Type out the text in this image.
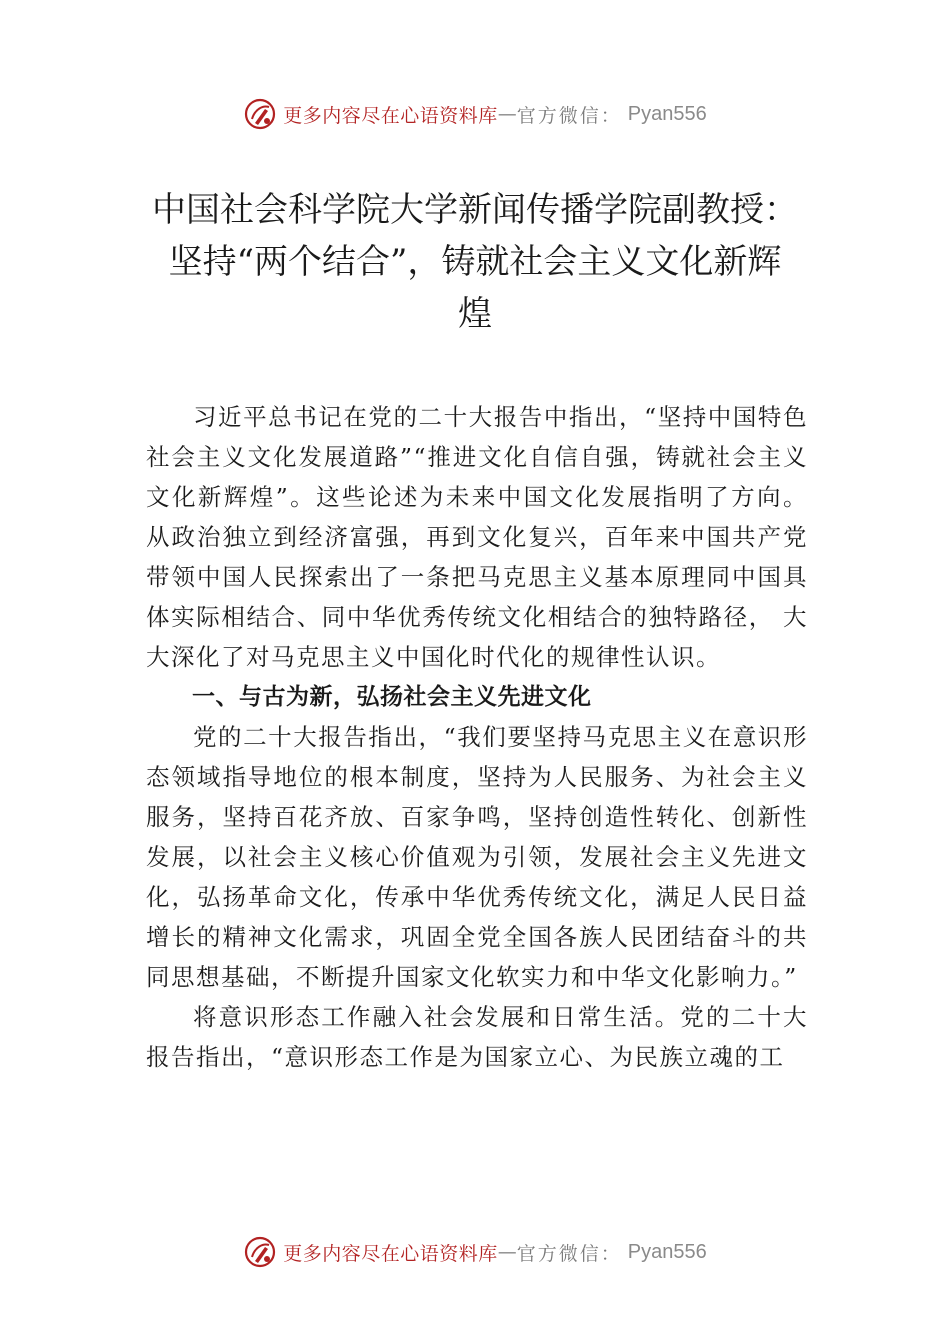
更多内容尽在心语资料库 — 官方微信： Pyan556
中国社会科学院大学新闻传播学院副教授：
坚持“两个结合”，铸就社会主义文化新辉
煌

习近平总书记在党的二十大报告中指出，“坚持中国特色社会主义文化发展道路”“推进文化自信自强，铸就社会主义文化新辉煌”。这些论述为未来中国文化发展指明了方向。从政治独立到经济富强，再到文化复兴，百年来中国共产党带领中国人民探索出了一条把马克思主义基本原理同中国具体实际相结合、同中华优秀传统文化相结合的独特路径， 大大深化了对马克思主义中国化时代化的规律性认识。

一、与古为新，弘扬社会主义先进文化

党的二十大报告指出，“我们要坚持马克思主义在意识形态领域指导地位的根本制度，坚持为人民服务、为社会主义服务，坚持百花齐放、百家争鸣，坚持创造性转化、创新性发展，以社会主义核心价值观为引领，发展社会主义先进文化，弘扬革命文化，传承中华优秀传统文化，满足人民日益增长的精神文化需求，巩固全党全国各族人民团结奋斗的共同思想基础，不断提升国家文化软实力和中华文化影响力。”

将意识形态工作融入社会发展和日常生活。党的二十大报告指出，“意识形态工作是为国家立心、为民族立魂的工

更多内容尽在心语资料库 — 官方微信： Pyan556
